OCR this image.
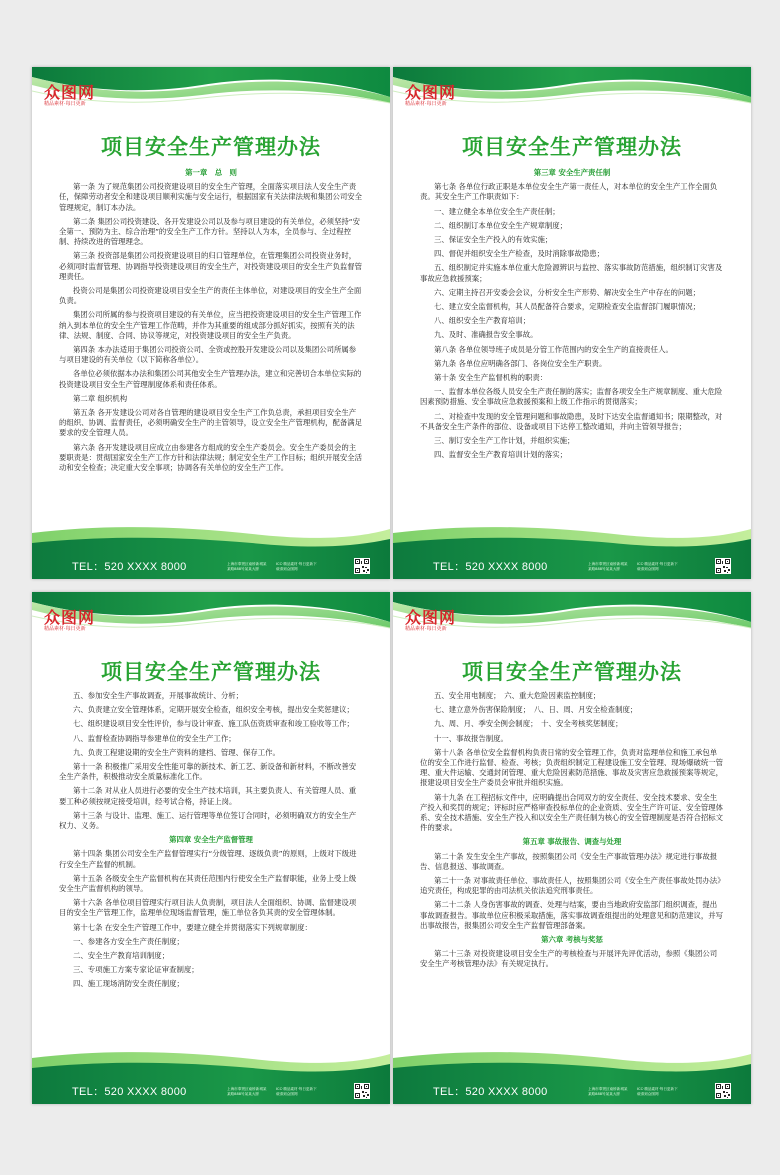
众图网
精品素材·每日更新
项目安全生产管理办法

第一章　总　则

第一条 为了规范集团公司投资建设项目的安全生产管理，全面落实项目法人安全生产责任，保障劳动者安全和建设项目顺利实施与安全运行，根据国家有关法律法规和集团公司安全管理规定，制订本办法。

第二条 集团公司投资建设、各开发建设公司以及参与项目建设的有关单位，必须坚持“安全第一、预防为主、综合治理”的安全生产工作方针。坚持以人为本，全员参与、全过程控制、持续改进的管理理念。

第三条 投资部是集团公司投资建设项目的归口管理单位，在管理集团公司投资业务时，必须同时监督管理、协调指导投资建设项目的安全生产，对投资建设项目的安全生产负监督管理责任。

投资公司是集团公司投资建设项目安全生产的责任主体单位，对建设项目的安全生产全面负责。

集团公司所属的参与投资项目建设的有关单位，应当把投资建设项目的安全生产管理工作纳入到本单位的安全生产管理工作范畴，并作为其重要的组成部分抓好抓实，按照有关的法律、法规、制度、合同、协议等规定，对投资建设项目的安全生产负责。

第四条 本办法适用于集团公司投资公司、全资或控股开发建设公司以及集团公司所属参与项目建设的有关单位（以下简称各单位）。

各单位必须依据本办法和集团公司其他安全生产管理办法，建立和完善切合本单位实际的投资建设项目安全生产管理制度体系和责任体系。

第二章 组织机构

第五条 各开发建设公司对各自管理的建设项目安全生产工作负总责，承担项目安全生产的组织、协调、监督责任，必须明确安全生产的主管领导，设立安全生产管理机构，配备满足要求的安全管理人员。

第六条 各开发建设项目应成立由参建各方组成的安全生产委员会。安全生产委员会的主要职责是：贯彻国家安全生产工作方针和法律法规；制定安全生产工作目标；组织开展安全活动和安全检查；决定重大安全事项；协调各有关单位的安全生产工作。

TEL：520 XXXX 8000	上海市奉贤区南桥新城某某路888号某某大厦
ICC·精品素材·每日更新下载请到众图网
众图网
精品素材·每日更新
项目安全生产管理办法

第三章 安全生产责任制

第七条 各单位行政正职是本单位安全生产第一责任人，对本单位的安全生产工作全面负责。其安全生产工作职责如下：

一、建立健全本单位安全生产责任制；

二、组织制订本单位安全生产规章制度；

三、保证安全生产投入的有效实施；

四、督促并组织安全生产检查，及时消除事故隐患；

五、组织制定并实施本单位重大危险源辨识与监控、落实事故防范措施，组织制订灾害及事故应急救援预案；

六、定期主持召开安委会会议，分析安全生产形势、解决安全生产中存在的问题；

七、建立安全监督机构，其人员配备符合要求，定期检查安全监督部门履职情况；

八、组织安全生产教育培训；

九、及时、准确报告安全事故。

第八条 各单位领导班子成员是分管工作范围内的安全生产的直接责任人。

第九条 各单位应明确各部门、各岗位安全生产职责。

第十条 安全生产监督机构的职责：

一、监督本单位各级人员安全生产责任制的落实；监督各项安全生产规章制度、重大危险因素预防措施、安全事故应急救援预案和上级工作指示的贯彻落实；

二、对检查中发现的安全管理问题和事故隐患，及时下达安全监督通知书；限期整改，对不具备安全生产条件的部位、设备或项目下达停工整改通知，并向主管领导报告；

三、制订安全生产工作计划，并组织实施；

四、监督安全生产教育培训计划的落实；

TEL：520 XXXX 8000	上海市奉贤区南桥新城某某路888号某某大厦
ICC·精品素材·每日更新下载请到众图网
众图网
精品素材·每日更新
项目安全生产管理办法

五、参加安全生产事故调查，开展事故统计、分析；

六、负责建立安全管理体系，定期开展安全检查，组织安全考核，提出安全奖惩建议；

七、组织建设项目安全性评价，参与设计审查、施工队伍资质审查和竣工验收等工作；

八、监督检查协调指导参建单位的安全生产工作；

九、负责工程建设期的安全生产资料的建档、管理、保存工作。

第十一条 积极推广采用安全性能可靠的新技术、新工艺、新设备和新材料，不断改善安全生产条件，积极推动安全质量标准化工作。

第十二条 对从业人员进行必要的安全生产技术培训，其主要负责人、有关管理人员、重要工种必须按规定接受培训，经考试合格，持证上岗。

第十三条 与设计、监理、施工、运行管理等单位签订合同时，必须明确双方的安全生产权力、义务。

第四章 安全生产监督管理

第十四条 集团公司安全生产监督管理实行“分级管理、逐级负责”的原则，上级对下级进行安全生产监督的机制。

第十五条 各级安全生产监督机构在其责任范围内行使安全生产监督职能，业务上受上级安全生产监督机构的领导。

第十六条 各单位项目管理实行项目法人负责制，项目法人全面组织、协调、监督建设项目的安全生产管理工作，监理单位现场监督管理，施工单位各负其责的安全管理体制。

第十七条 在安全生产管理工作中，要建立健全并贯彻落实下列规章制度：

一、参建各方安全生产责任制度；

二、安全生产教育培训制度；

三、专项施工方案专家论证审查制度；

四、施工现场消防安全责任制度；

TEL：520 XXXX 8000	上海市奉贤区南桥新城某某路888号某某大厦
ICC·精品素材·每日更新下载请到众图网
众图网
精品素材·每日更新
项目安全生产管理办法

五、安全用电制度；　六、重大危险因素监控制度；

七、建立意外伤害保险制度；　八、日、周、月安全检查制度；

九、周、月、季安全例会制度；　十、安全考核奖惩制度；

十一、事故报告制度。

第十八条 各单位安全监督机构负责日常的安全管理工作，负责对监理单位和施工承包单位的安全工作进行监督、检查、考核；负责组织制定工程建设施工安全管理、现场爆破统一管理、重大件运输、交通封闭管理、重大危险因素防范措施、事故及灾害应急救援预案等规定，报建设项目安全生产委员会审批并组织实施。

第十九条 在工程招标文件中，应明确提出合同双方的安全责任、安全技术要求、安全生产投入和奖罚的规定；评标时应严格审查投标单位的企业资质、安全生产许可证、安全管理体系、安全技术措施、安全生产投入和以安全生产责任制为核心的安全管理制度是否符合招标文件的要求。

第五章 事故报告、调查与处理

第二十条 发生安全生产事故，按照集团公司《安全生产事故管理办法》规定进行事故报告、信息报送、事故调查。

第二十一条 对事故责任单位、事故责任人，按照集团公司《安全生产责任事故处罚办法》追究责任，构成犯罪的由司法机关依法追究刑事责任。

第二十二条 人身伤害事故的调查、处理与结案，要由当地政府安监部门组织调查，提出事故调查报告。事故单位应积极采取措施，落实事故调查组提出的处理意见和防范建议，并写出事故报告，报集团公司安全生产监督管理部备案。

第六章 考核与奖惩

第二十三条 对投资建设项目安全生产的考核检查与开展评先评优活动，参照《集团公司安全生产考核管理办法》有关规定执行。

TEL：520 XXXX 8000	上海市奉贤区南桥新城某某路888号某某大厦
ICC·精品素材·每日更新下载请到众图网
